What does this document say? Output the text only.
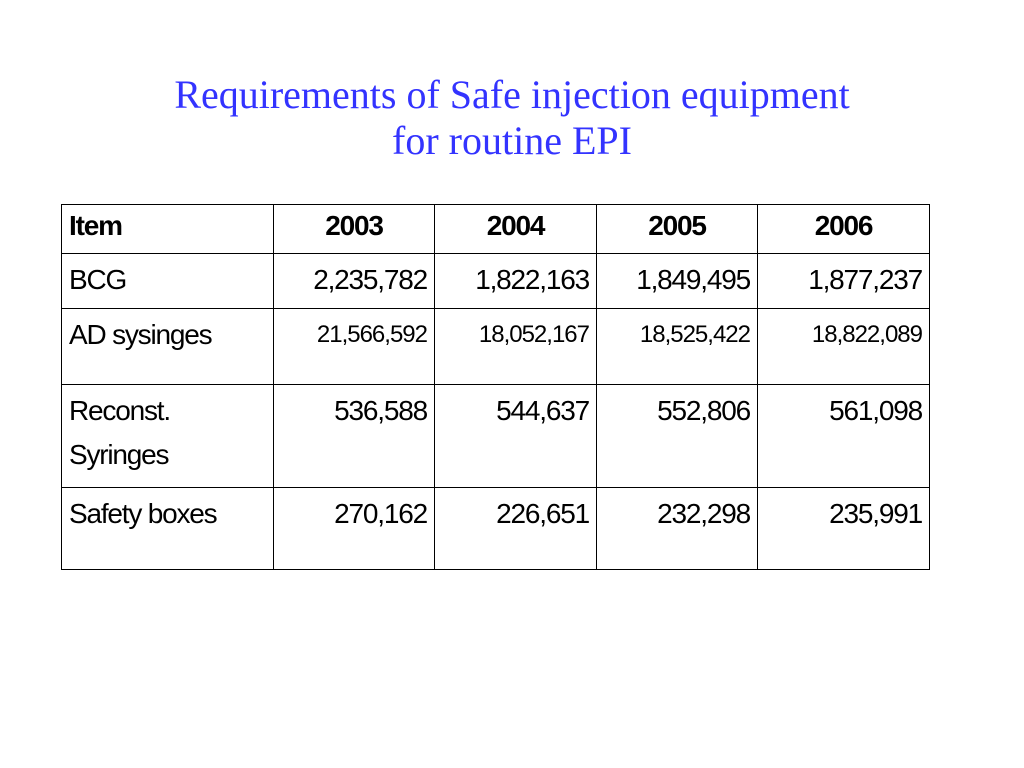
Requirements of Safe injection equipment
for routine EPI
Item	2003	2004	2005	2006
BCG	2,235,782	1,822,163	1,849,495	1,877,237
AD sysinges	21,566,592	18,052,167	18,525,422	18,822,089

Reconst.
Syringes	536,588	544,637	552,806	561,098
Safety boxes	270,162	226,651	232,298	235,991
